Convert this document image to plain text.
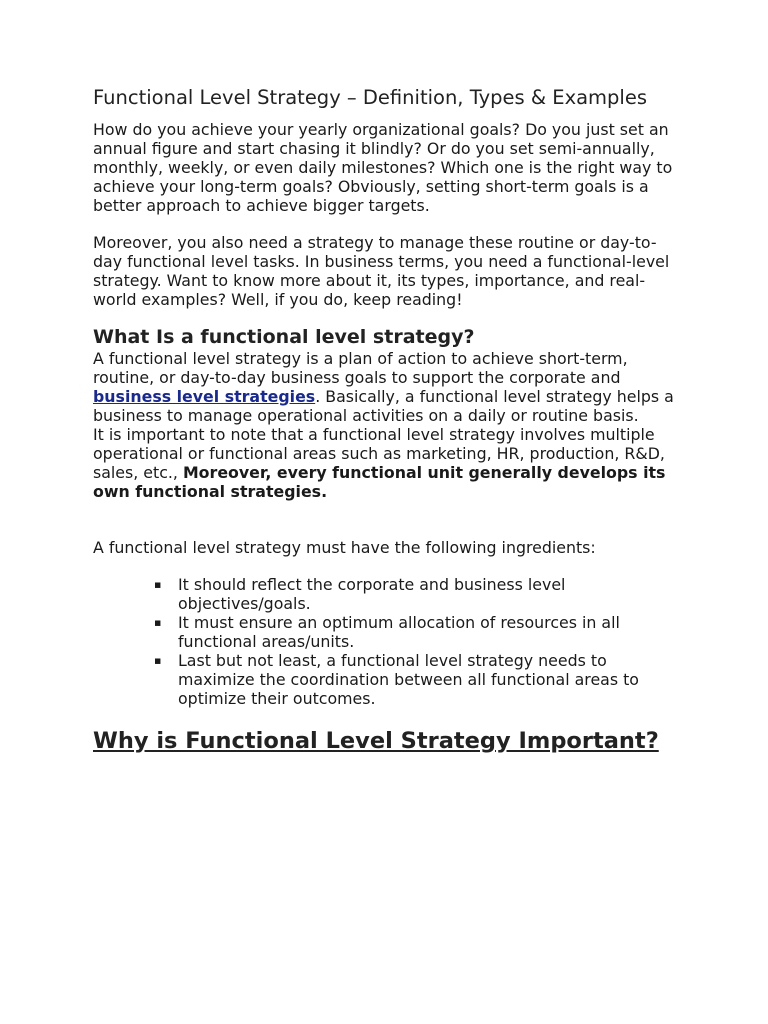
Functional Level Strategy – Definition, Types & Examples

How do you achieve your yearly organizational goals? Do you just set an annual figure and start chasing it blindly? Or do you set semi-annually, monthly, weekly, or even daily milestones? Which one is the right way to achieve your long-term goals? Obviously, setting short-term goals is a better approach to achieve bigger targets.

Moreover, you also need a strategy to manage these routine or day-to-day functional level tasks. In business terms, you need a functional-level strategy. Want to know more about it, its types, importance, and real-world examples? Well, if you do, keep reading!

What Is a functional level strategy?

A functional level strategy is a plan of action to achieve short-term, routine, or day-to-day business goals to support the corporate and business level strategies. Basically, a functional level strategy helps a business to manage operational activities on a daily or routine basis.

It is important to note that a functional level strategy involves multiple operational or functional areas such as marketing, HR, production, R&D, sales, etc., Moreover, every functional unit generally develops its own functional strategies.

A functional level strategy must have the following ingredients:

▪ It should reflect the corporate and business level objectives/goals.
▪ It must ensure an optimum allocation of resources in all functional areas/units.
▪ Last but not least, a functional level strategy needs to maximize the coordination between all functional areas to optimize their outcomes.
Why is Functional Level Strategy Important?
